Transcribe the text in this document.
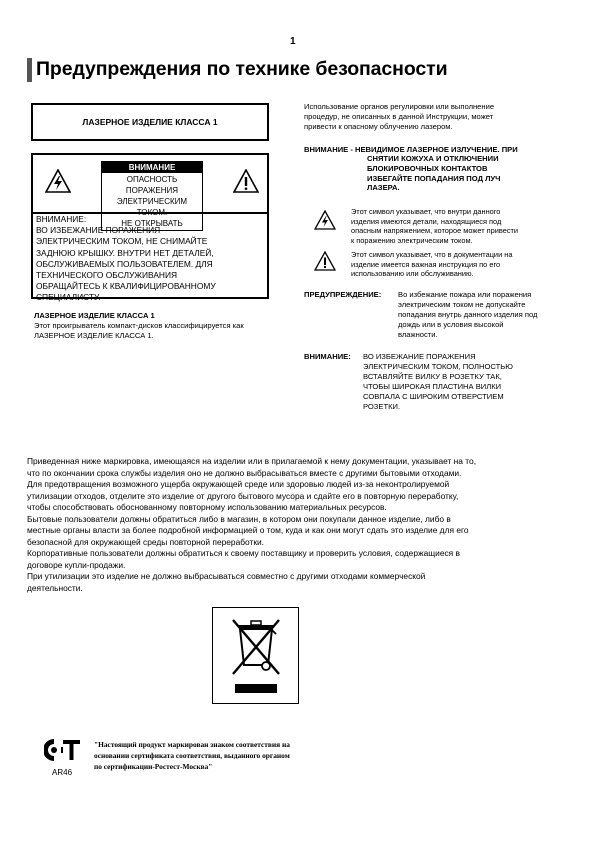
1
Предупреждения по технике безопасности
ЛАЗЕРНОЕ ИЗДЕЛИЕ КЛАССА 1
ВНИМАНИЕ
ОПАСНОСТЬ ПОРАЖЕНИЯ
ЭЛЕКТРИЧЕСКИМ ТОКОМ.
НЕ ОТКРЫВАТЬ
ВНИМАНИЕ:
ВО ИЗБЕЖАНИЕ ПОРАЖЕНИЯ
ЭЛЕКТРИЧЕСКИМ ТОКОМ, НЕ СНИМАЙТЕ
ЗАДНЮЮ КРЫШКУ. ВНУТРИ НЕТ ДЕТАЛЕЙ,
ОБСЛУЖИВАЕМЫХ ПОЛЬЗОВАТЕЛЕМ. ДЛЯ
ТЕХНИЧЕСКОГО ОБСЛУЖИВАНИЯ
ОБРАЩАЙТЕСЬ К КВАЛИФИЦИРОВАННОМУ
СПЕЦИАЛИСТУ.
ЛАЗЕРНОЕ ИЗДЕЛИЕ КЛАССА 1
Этот проигрыватель компакт-дисков классифицируется как
ЛАЗЕРНОЕ ИЗДЕЛИЕ КЛАССА 1.
Использование органов регулировки или выполнение
процедур, не описанных в данной Инструкции, может
привести к опасному облучению лазером.
ВНИМАНИЕ - НЕВИДИМОЕ ЛАЗЕРНОЕ ИЗЛУЧЕНИЕ. ПРИ
СНЯТИИ КОЖУХА И ОТКЛЮЧЕНИИ
БЛОКИРОВОЧНЫХ КОНТАКТОВ
ИЗБЕГАЙТЕ ПОПАДАНИЯ ПОД ЛУЧ
ЛАЗЕРА.
Этот символ указывает, что внутри данного
изделия имеются детали, находящиеся под
опасным напряжением, которое может привести
к поражению электрическим током.
Этот символ указывает, что в документации на
изделие имеется важная инструкция по его
использованию или обслуживанию.
ПРЕДУПРЕЖДЕНИЕ: Во избежание пожара или поражения
электрическим током не допускайте
попадания внутрь данного изделия под
дождь или в условия высокой
влажности.
ВНИМАНИЕ: ВО ИЗБЕЖАНИЕ ПОРАЖЕНИЯ
ЭЛЕКТРИЧЕСКИМ ТОКОМ, ПОЛНОСТЬЮ
ВСТАВЛЯЙТЕ ВИЛКУ В РОЗЕТКУ ТАК,
ЧТОБЫ ШИРОКАЯ ПЛАСТИНА ВИЛКИ
СОВПАЛА С ШИРОКИМ ОТВЕРСТИЕМ
РОЗЕТКИ.

Приведенная ниже маркировка, имеющаяся на изделии или в прилагаемой к нему документации, указывает на то,

что по окончании срока службы изделия оно не должно выбрасываться вместе с другими бытовыми отходами.

Для предотвращения возможного ущерба окружающей среде или здоровью людей из-за неконтролируемой

утилизации отходов, отделите это изделие от другого бытового мусора и сдайте его в повторную переработку,

чтобы способствовать обоснованному повторному использованию материальных ресурсов.

Бытовые пользователи должны обратиться либо в магазин, в котором они покупали данное изделие, либо в

местные органы власти за более подробной информацией о том, куда и как они могут сдать это изделие для его

безопасной для окружающей среды повторной переработки.

Корпоративные пользователи должны обратиться к своему поставщику и проверить условия, содержащиеся в

договоре купли-продажи.

При утилизации это изделие не должно выбрасываться совместно с другими отходами коммерческой

деятельности.

AR46
"Настоящий продукт маркирован знаком соответствия на
основании сертификата соответствия, выданного органом
по сертификации-Ростест-Москва"
